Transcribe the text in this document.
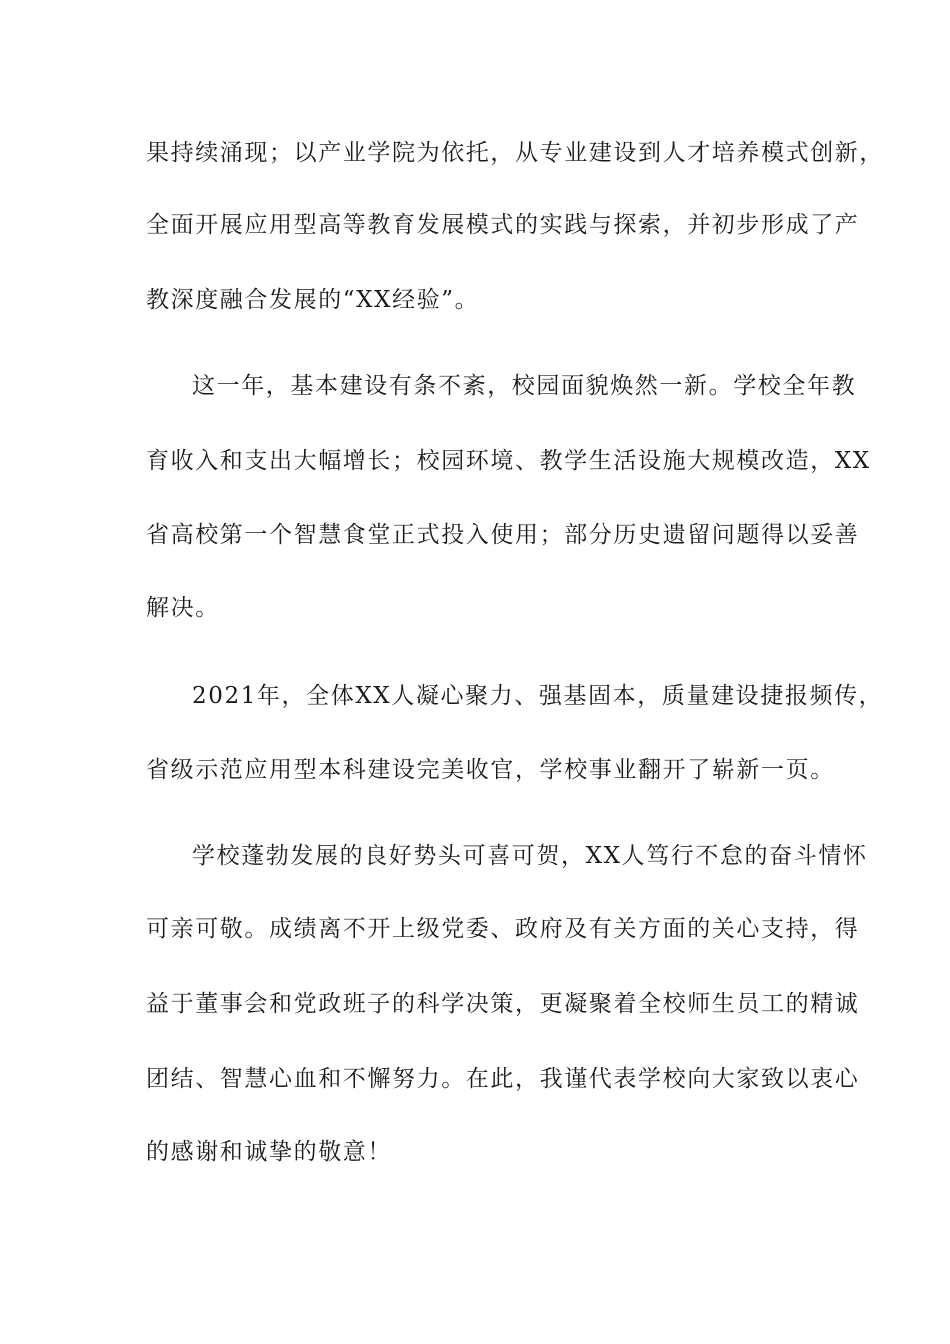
果持续涌现；以产业学院为依托，从专业建设到人才培养模式创新，
全面开展应用型高等教育发展模式的实践与探索，并初步形成了产
教深度融合发展的“XX经验”。
这一年，基本建设有条不紊，校园面貌焕然一新。学校全年教
育收入和支出大幅增长；校园环境、教学生活设施大规模改造，XX
省高校第一个智慧食堂正式投入使用；部分历史遗留问题得以妥善
解决。
2021年，全体XX人凝心聚力、强基固本，质量建设捷报频传，
省级示范应用型本科建设完美收官，学校事业翻开了崭新一页。
学校蓬勃发展的良好势头可喜可贺，XX人笃行不怠的奋斗情怀
可亲可敬。成绩离不开上级党委、政府及有关方面的关心支持，得
益于董事会和党政班子的科学决策，更凝聚着全校师生员工的精诚
团结、智慧心血和不懈努力。在此，我谨代表学校向大家致以衷心
的感谢和诚挚的敬意！
